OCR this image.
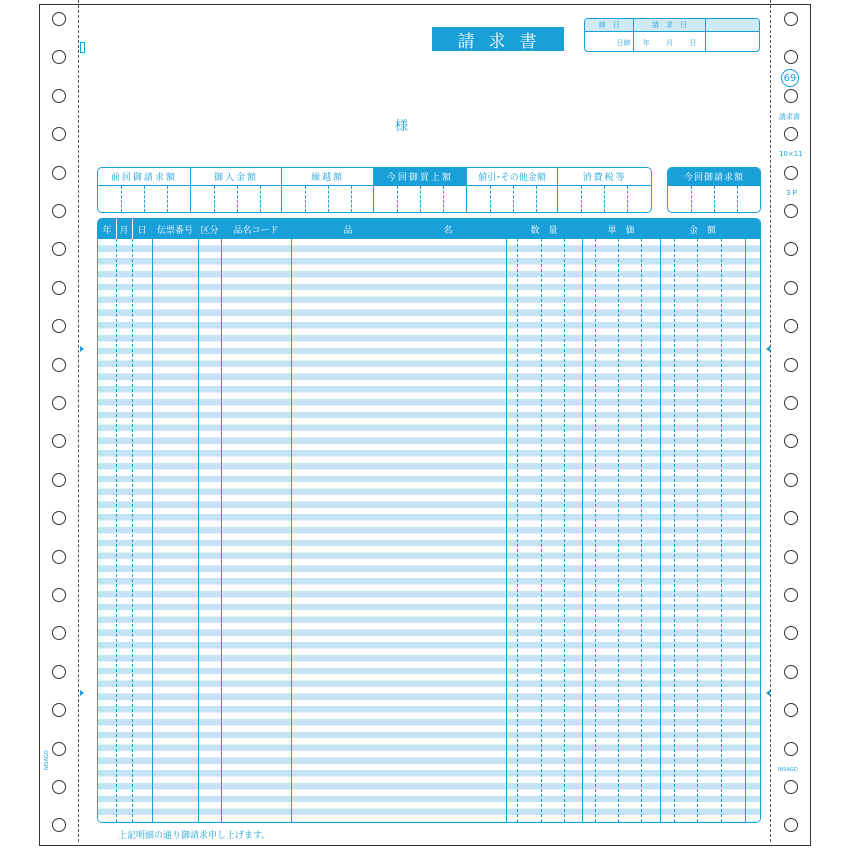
請求書
締　日	請　求　日
日締	年 月 日
様
69
請求書
10×11
3 P
NISAGO
NISAGO
前回御請求額	御入金額	繰越額	今回御買上額	値引･その他金額	消費税等	今回御請求額
年 月 日	伝票番号 区分	品名コード	品	名	数　量	単　価	金　額
上記明細の通り御請求申し上げます。
